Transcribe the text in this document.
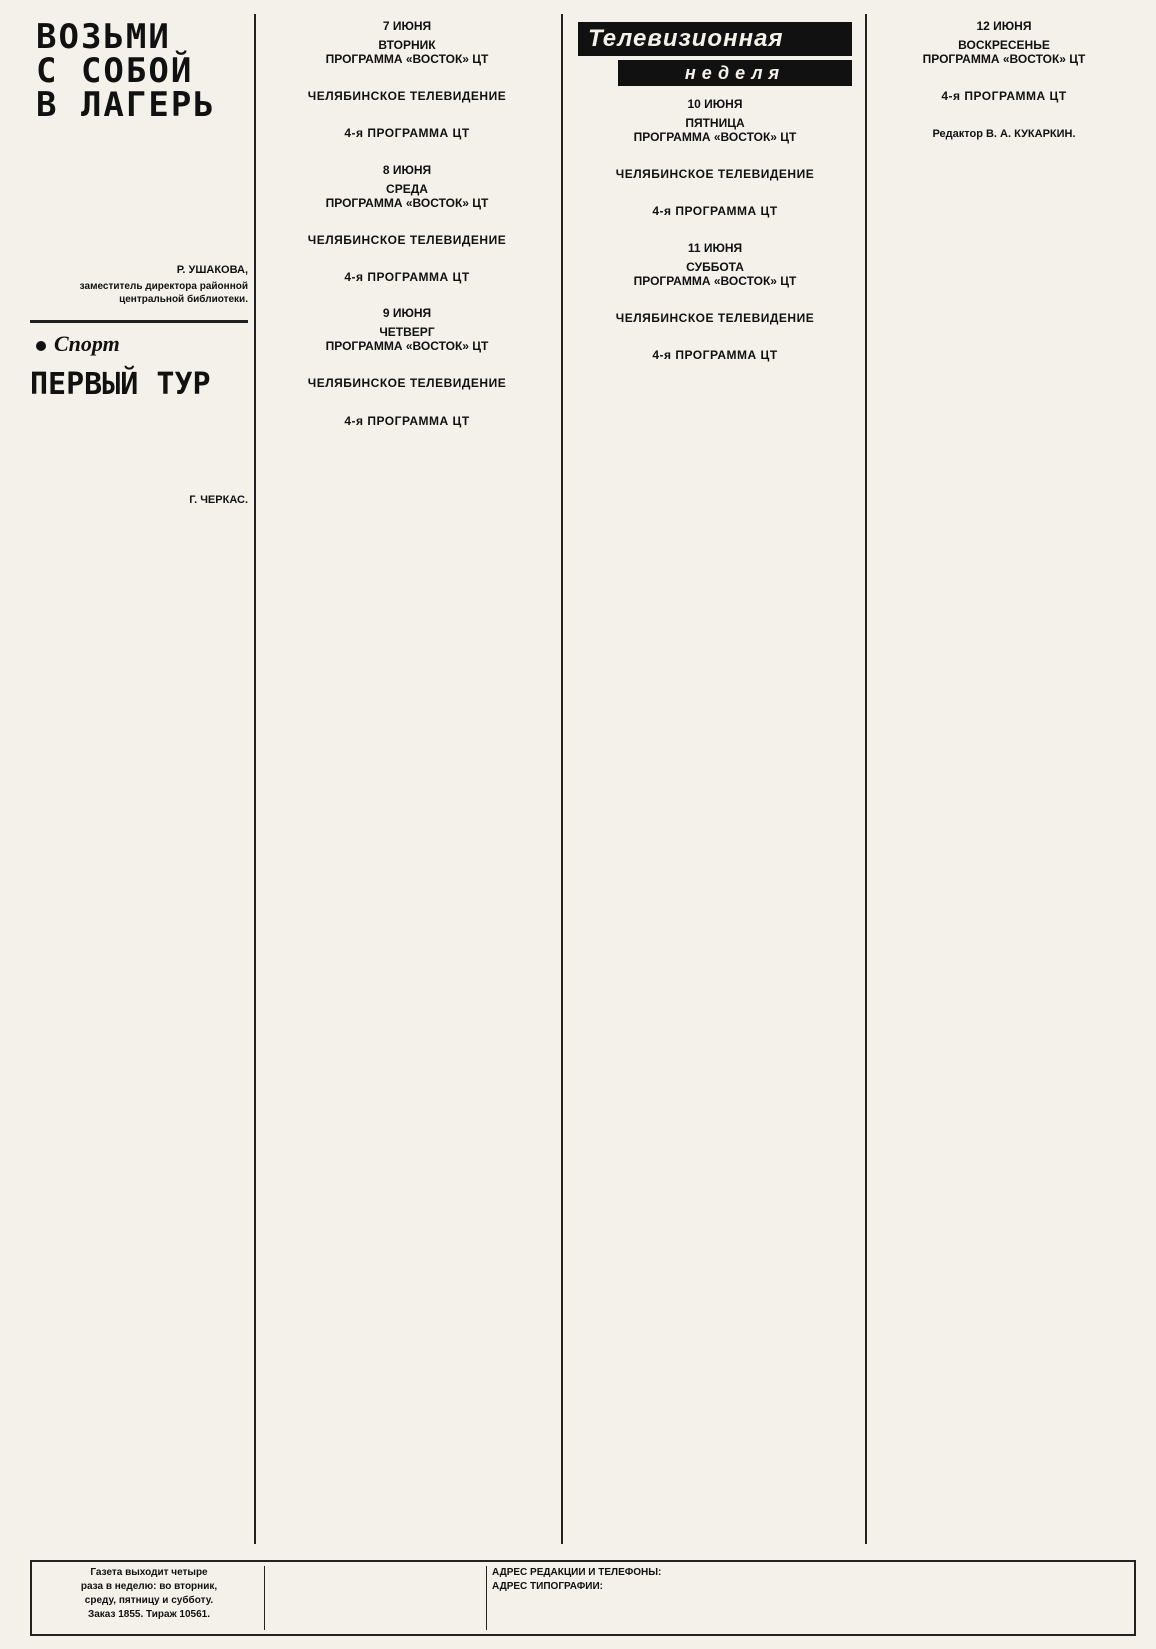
ВОЗЬМИ
С СОБОЙ
В ЛАГЕРЬ

Р. УШАКОВА,
заместитель директора районной
центральной библиотеки.
Спорт
ПЕРВЫЙ ТУР

Г. ЧЕРКАС.
7 ИЮНЯ
ВТОРНИК
ПРОГРАММА «ВОСТОК» ЦТ

ЧЕЛЯБИНСКОЕ ТЕЛЕВИДЕНИЕ

4-я ПРОГРАММА ЦТ

8 ИЮНЯ
СРЕДА
ПРОГРАММА «ВОСТОК» ЦТ

ЧЕЛЯБИНСКОЕ ТЕЛЕВИДЕНИЕ

4-я ПРОГРАММА ЦТ

9 ИЮНЯ
ЧЕТВЕРГ
ПРОГРАММА «ВОСТОК» ЦТ

ЧЕЛЯБИНСКОЕ ТЕЛЕВИДЕНИЕ

4-я ПРОГРАММА ЦТ

Телевизионная
неделя
10 ИЮНЯ
ПЯТНИЦА
ПРОГРАММА «ВОСТОК» ЦТ

ЧЕЛЯБИНСКОЕ ТЕЛЕВИДЕНИЕ

4-я ПРОГРАММА ЦТ

11 ИЮНЯ
СУББОТА
ПРОГРАММА «ВОСТОК» ЦТ

ЧЕЛЯБИНСКОЕ ТЕЛЕВИДЕНИЕ

4-я ПРОГРАММА ЦТ

12 ИЮНЯ
ВОСКРЕСЕНЬЕ
ПРОГРАММА «ВОСТОК» ЦТ

4-я ПРОГРАММА ЦТ

Редактор В. А. КУКАРКИН.
Газета выходит четыре
раза в неделю: во вторник,
среду, пятницу и субботу.
Заказ 1855. Тираж 10561.
АДРЕС РЕДАКЦИИ И ТЕЛЕФОНЫ:
АДРЕС ТИПОГРАФИИ:
